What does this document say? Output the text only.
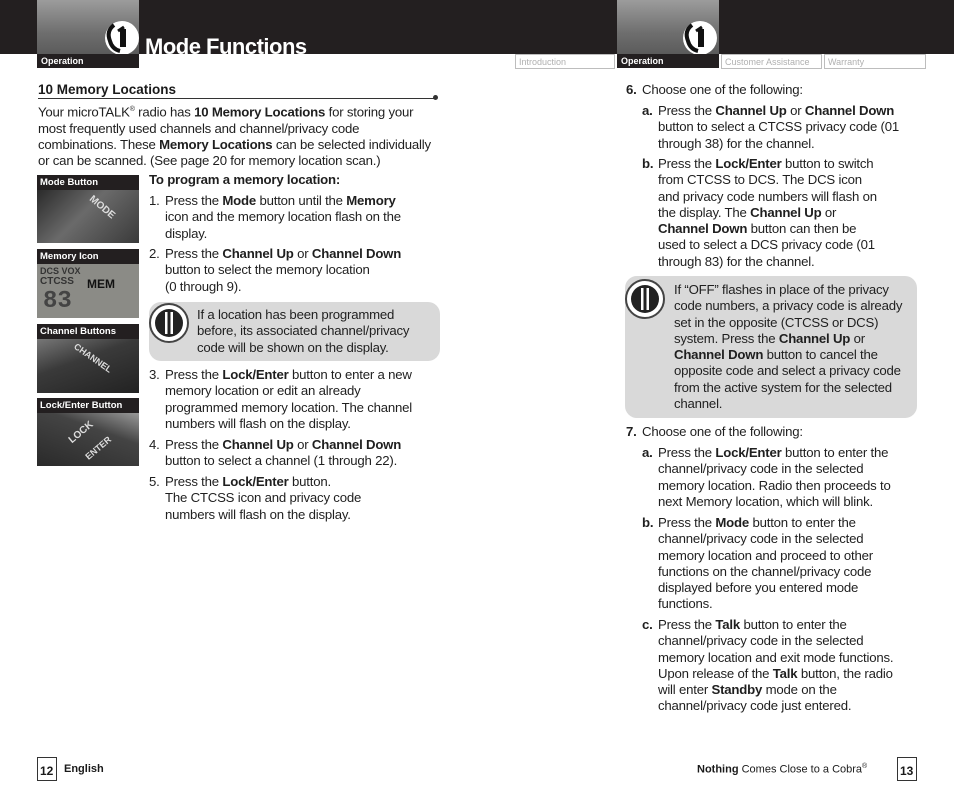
Operation
Mode Functions
Introduction	Operation	Customer Assistance	Warranty
10 Memory Locations
Your microTALK® radio has 10 Memory Locations for storing your most frequently used channels and channel/privacy code combinations. These Memory Locations can be selected individually or can be scanned. (See page 20 for memory location scan.)
Mode Button
MODE
Memory Icon
DCS VOX
CTCSS
83
MEM
Channel Buttons
CHANNEL
Lock/Enter Button
LOCK
ENTER
To program a memory location:
1. Press the Mode button until the Memory icon and the memory location flash on the display.
2. Press the Channel Up or Channel Down button to select the memory location
(0 through 9).
If a location has been programmed before, its associated channel/privacy code will be shown on the display.
3. Press the Lock/Enter button to enter a new memory location or edit an already programmed memory location. The channel numbers will flash on the display.
4. Press the Channel Up or Channel Down button to select a channel (1 through 22).
5. Press the Lock/Enter button.
The CTCSS icon and privacy code numbers will flash on the display.
6. Choose one of the following:
a. Press the Channel Up or Channel Down button to select a CTCSS privacy code (01 through 38) for the channel.
b. Press the Lock/Enter button to switch from CTCSS to DCS. The DCS icon and privacy code numbers will flash on the display. The Channel Up or Channel Down button can then be used to select a DCS privacy code (01 through 83) for the channel.
If “OFF” flashes in place of the privacy code numbers, a privacy code is already set in the opposite (CTCSS or DCS) system. Press the Channel Up or Channel Down button to cancel the opposite code and select a privacy code from the active system for the selected channel.
7. Choose one of the following:
a. Press the Lock/Enter button to enter the channel/privacy code in the selected memory location. Radio then proceeds to next Memory location, which will blink.
b. Press the Mode button to enter the channel/privacy code in the selected memory location and proceed to other functions on the channel/privacy code displayed before you entered mode functions.
c. Press the Talk button to enter the channel/privacy code in the selected memory location and exit mode functions. Upon release of the Talk button, the radio will enter Standby mode on the channel/privacy code just entered.
12 English	Nothing Comes Close to a Cobra®	13
